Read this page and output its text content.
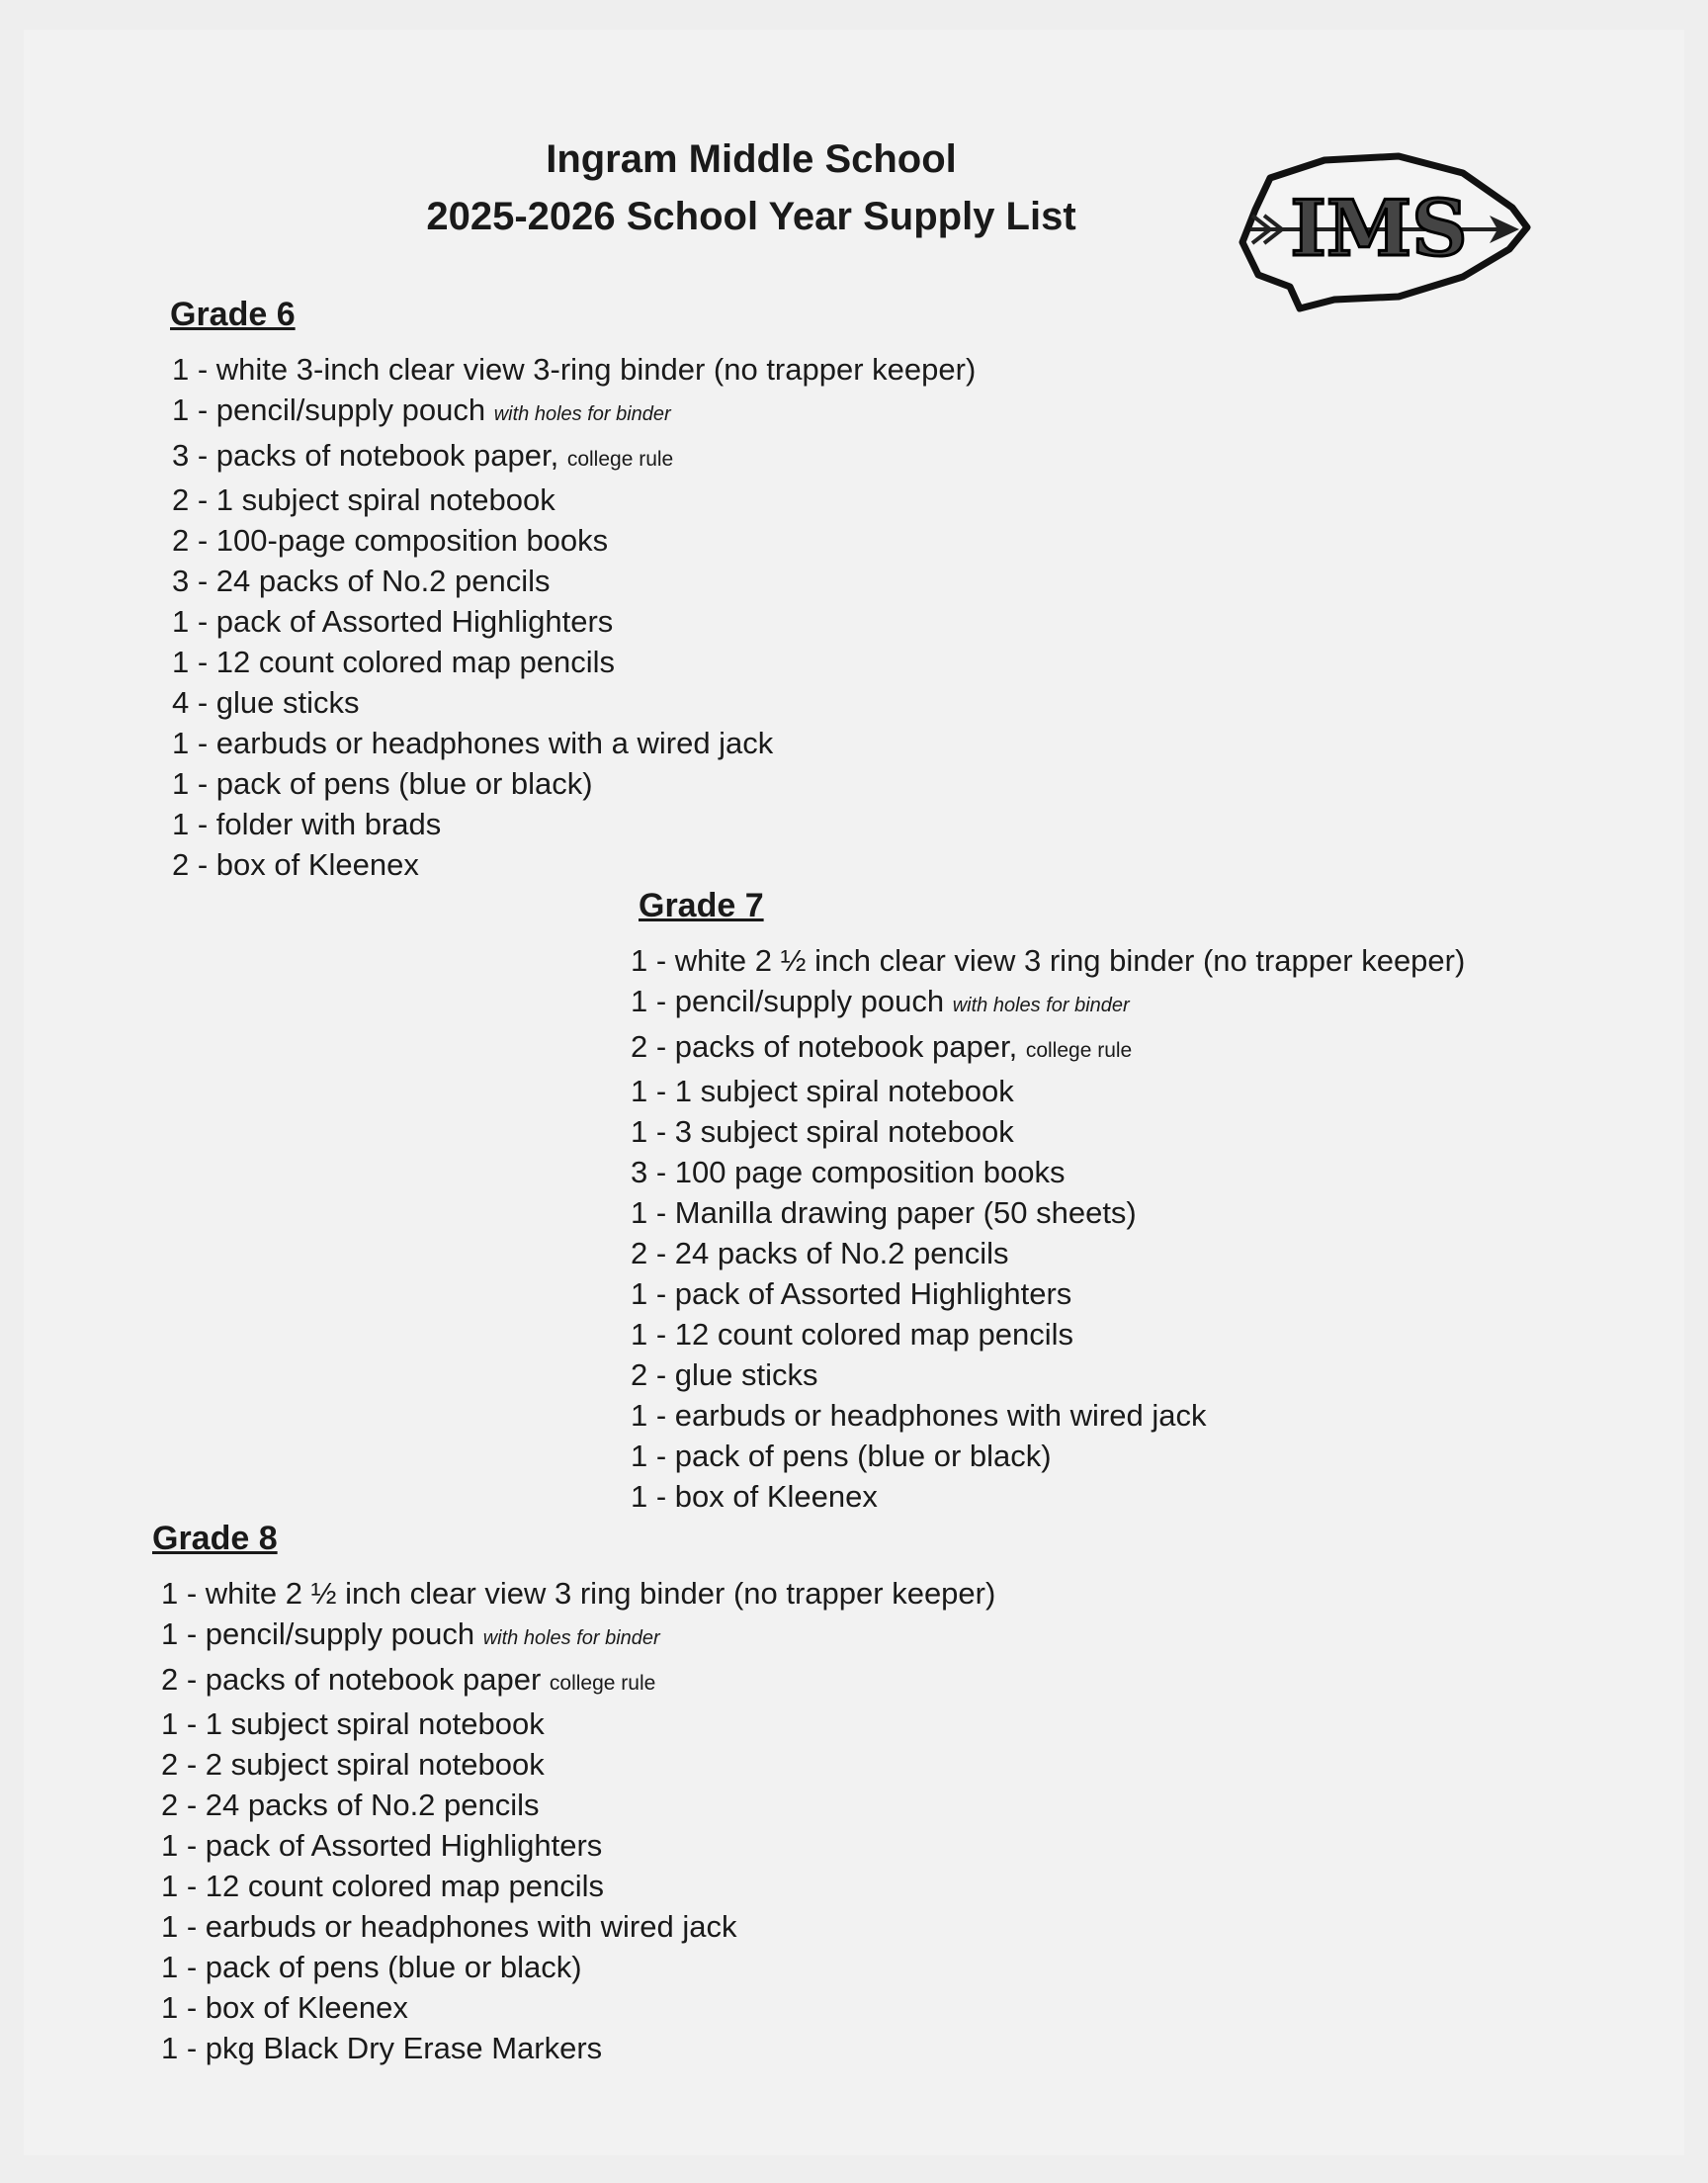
Ingram Middle School
2025-2026 School Year Supply List	IMS
Grade 6
1 - white 3-inch clear view 3-ring binder (no trapper keeper)
1 - pencil/supply pouch with holes for binder
3 - packs of notebook paper, college rule
2 - 1 subject spiral notebook
2 - 100-page composition books
3 - 24 packs of No.2 pencils
1 - pack of Assorted Highlighters
1 - 12 count colored map pencils
4 - glue sticks
1 - earbuds or headphones with a wired jack
1 - pack of pens (blue or black)
1 - folder with brads
2 - box of Kleenex
Grade 7
1 - white 2 ½ inch clear view 3 ring binder (no trapper keeper)
1 - pencil/supply pouch with holes for binder
2 - packs of notebook paper, college rule
1 - 1 subject spiral notebook
1 - 3 subject spiral notebook
3 - 100 page composition books
1 - Manilla drawing paper (50 sheets)
2 - 24 packs of No.2 pencils
1 - pack of Assorted Highlighters
1 - 12 count colored map pencils
2 - glue sticks
1 - earbuds or headphones with wired jack
1 - pack of pens (blue or black)
1 - box of Kleenex
Grade 8
1 - white 2 ½ inch clear view 3 ring binder (no trapper keeper)
1 - pencil/supply pouch with holes for binder
2 - packs of notebook paper college rule
1 - 1 subject spiral notebook
2 - 2 subject spiral notebook
2 - 24 packs of No.2 pencils
1 - pack of Assorted Highlighters
1 - 12 count colored map pencils
1 - earbuds or headphones with wired jack
1 - pack of pens (blue or black)
1 - box of Kleenex
1 - pkg Black Dry Erase Markers
